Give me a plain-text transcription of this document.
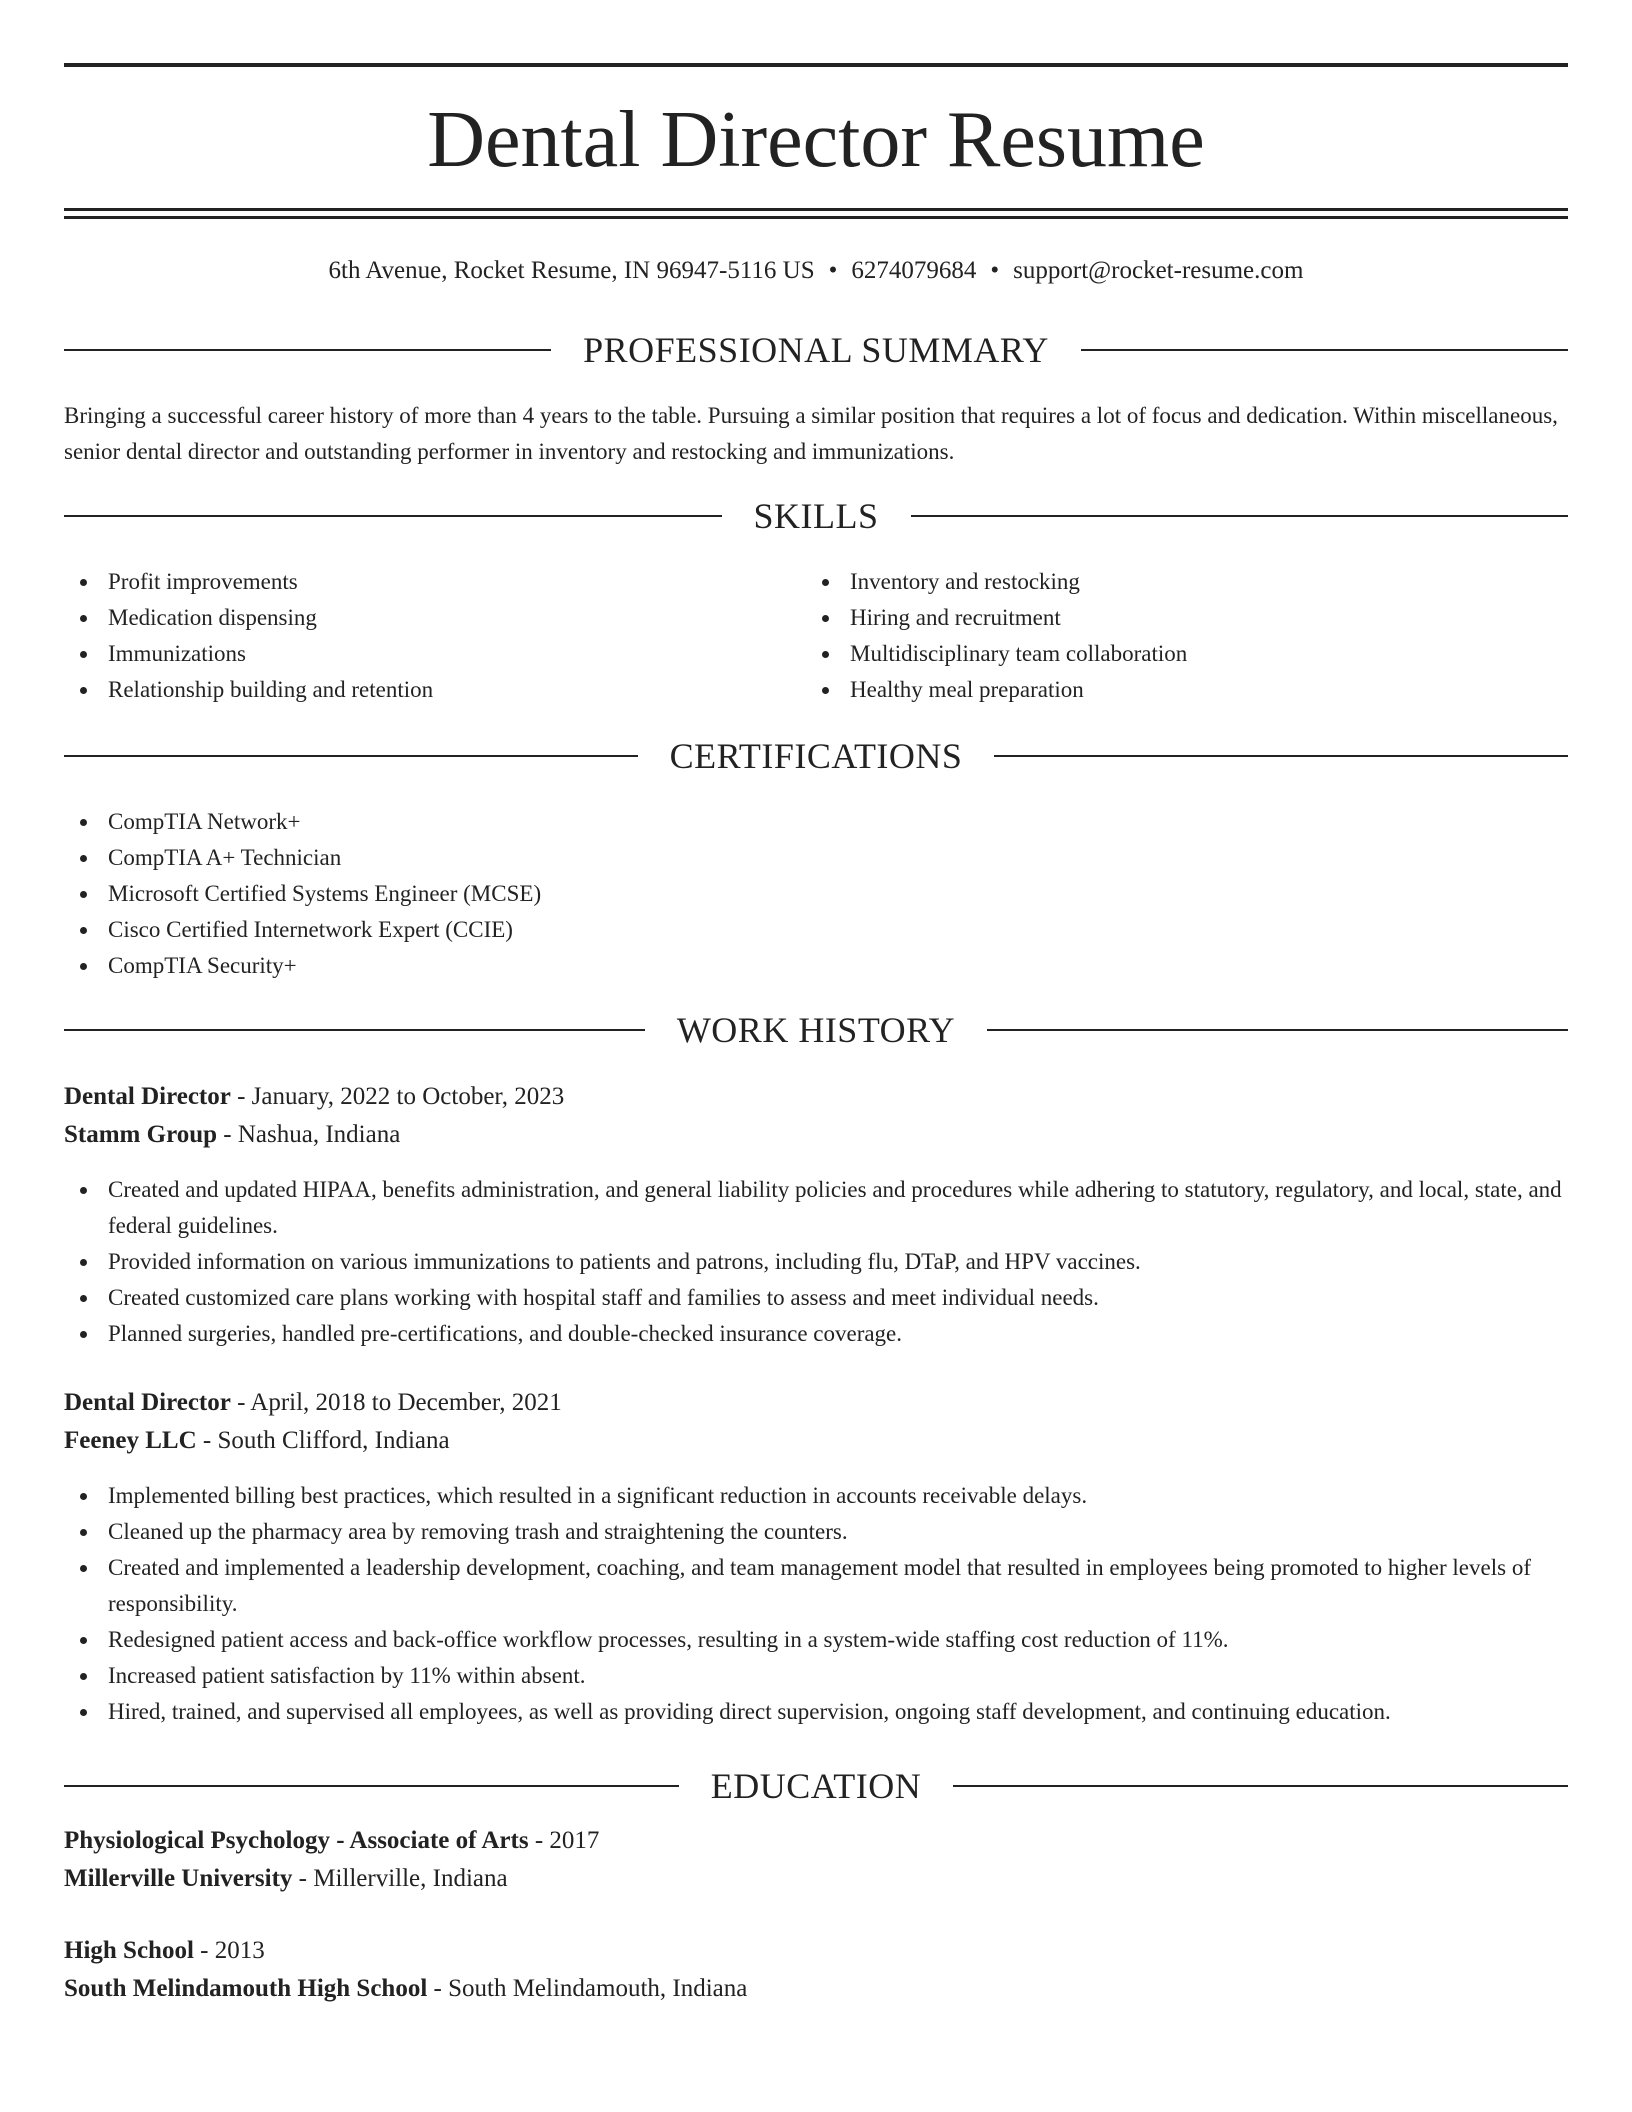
Dental Director Resume
6th Avenue, Rocket Resume, IN 96947-5116 US • 6274079684 • support@rocket-resume.com
PROFESSIONAL SUMMARY
Bringing a successful career history of more than 4 years to the table. Pursuing a similar position that requires a lot of focus and dedication. Within miscellaneous, senior dental director and outstanding performer in inventory and restocking and immunizations.
SKILLS
Profit improvements
Medication dispensing
Immunizations
Relationship building and retention
Inventory and restocking
Hiring and recruitment
Multidisciplinary team collaboration
Healthy meal preparation
CERTIFICATIONS
CompTIA Network+
CompTIA A+ Technician
Microsoft Certified Systems Engineer (MCSE)
Cisco Certified Internetwork Expert (CCIE)
CompTIA Security+
WORK HISTORY
Dental Director - January, 2022 to October, 2023
Stamm Group - Nashua, Indiana
Created and updated HIPAA, benefits administration, and general liability policies and procedures while adhering to statutory, regulatory, and local, state, and federal guidelines.
Provided information on various immunizations to patients and patrons, including flu, DTaP, and HPV vaccines.
Created customized care plans working with hospital staff and families to assess and meet individual needs.
Planned surgeries, handled pre-certifications, and double-checked insurance coverage.
Dental Director - April, 2018 to December, 2021
Feeney LLC - South Clifford, Indiana
Implemented billing best practices, which resulted in a significant reduction in accounts receivable delays.
Cleaned up the pharmacy area by removing trash and straightening the counters.
Created and implemented a leadership development, coaching, and team management model that resulted in employees being promoted to higher levels of responsibility.
Redesigned patient access and back-office workflow processes, resulting in a system-wide staffing cost reduction of 11%.
Increased patient satisfaction by 11% within absent.
Hired, trained, and supervised all employees, as well as providing direct supervision, ongoing staff development, and continuing education.
EDUCATION
Physiological Psychology - Associate of Arts - 2017
Millerville University - Millerville, Indiana
High School - 2013
South Melindamouth High School - South Melindamouth, Indiana
